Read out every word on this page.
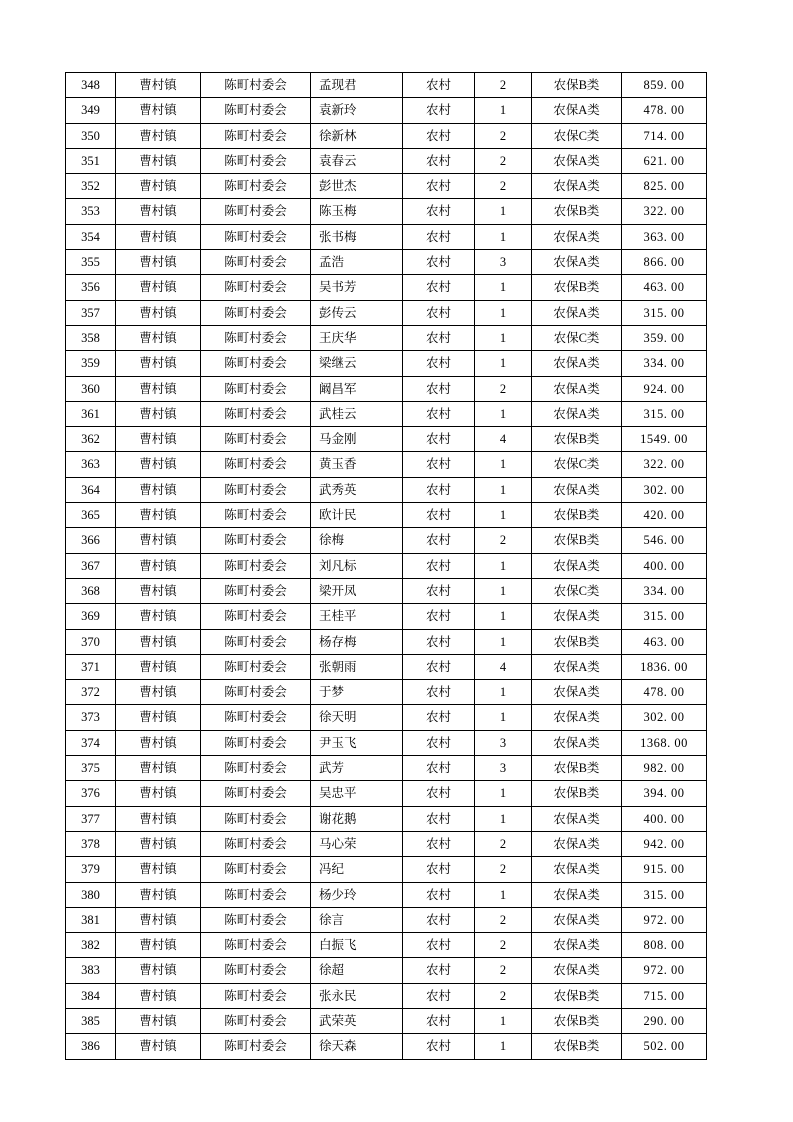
348	曹村镇	陈町村委会	孟现君	农村	2	农保B类	859. 00
349	曹村镇	陈町村委会	袁新玲	农村	1	农保A类	478. 00
350	曹村镇	陈町村委会	徐新林	农村	2	农保C类	714. 00
351	曹村镇	陈町村委会	袁春云	农村	2	农保A类	621. 00
352	曹村镇	陈町村委会	彭世杰	农村	2	农保A类	825. 00
353	曹村镇	陈町村委会	陈玉梅	农村	1	农保B类	322. 00
354	曹村镇	陈町村委会	张书梅	农村	1	农保A类	363. 00
355	曹村镇	陈町村委会	孟浩	农村	3	农保A类	866. 00
356	曹村镇	陈町村委会	吴书芳	农村	1	农保B类	463. 00
357	曹村镇	陈町村委会	彭传云	农村	1	农保A类	315. 00
358	曹村镇	陈町村委会	王庆华	农村	1	农保C类	359. 00
359	曹村镇	陈町村委会	梁继云	农村	1	农保A类	334. 00
360	曹村镇	陈町村委会	阚昌军	农村	2	农保A类	924. 00
361	曹村镇	陈町村委会	武桂云	农村	1	农保A类	315. 00
362	曹村镇	陈町村委会	马金刚	农村	4	农保B类	1549. 00
363	曹村镇	陈町村委会	黄玉香	农村	1	农保C类	322. 00
364	曹村镇	陈町村委会	武秀英	农村	1	农保A类	302. 00
365	曹村镇	陈町村委会	欧计民	农村	1	农保B类	420. 00
366	曹村镇	陈町村委会	徐梅	农村	2	农保B类	546. 00
367	曹村镇	陈町村委会	刘凡标	农村	1	农保A类	400. 00
368	曹村镇	陈町村委会	梁开凤	农村	1	农保C类	334. 00
369	曹村镇	陈町村委会	王桂平	农村	1	农保A类	315. 00
370	曹村镇	陈町村委会	杨存梅	农村	1	农保B类	463. 00
371	曹村镇	陈町村委会	张朝雨	农村	4	农保A类	1836. 00
372	曹村镇	陈町村委会	于梦	农村	1	农保A类	478. 00
373	曹村镇	陈町村委会	徐天明	农村	1	农保A类	302. 00
374	曹村镇	陈町村委会	尹玉飞	农村	3	农保A类	1368. 00
375	曹村镇	陈町村委会	武芳	农村	3	农保B类	982. 00
376	曹村镇	陈町村委会	吴忠平	农村	1	农保B类	394. 00
377	曹村镇	陈町村委会	谢花鹅	农村	1	农保A类	400. 00
378	曹村镇	陈町村委会	马心荣	农村	2	农保A类	942. 00
379	曹村镇	陈町村委会	冯纪	农村	2	农保A类	915. 00
380	曹村镇	陈町村委会	杨少玲	农村	1	农保A类	315. 00
381	曹村镇	陈町村委会	徐言	农村	2	农保A类	972. 00
382	曹村镇	陈町村委会	白振飞	农村	2	农保A类	808. 00
383	曹村镇	陈町村委会	徐超	农村	2	农保A类	972. 00
384	曹村镇	陈町村委会	张永民	农村	2	农保B类	715. 00
385	曹村镇	陈町村委会	武荣英	农村	1	农保B类	290. 00
386	曹村镇	陈町村委会	徐天森	农村	1	农保B类	502. 00
